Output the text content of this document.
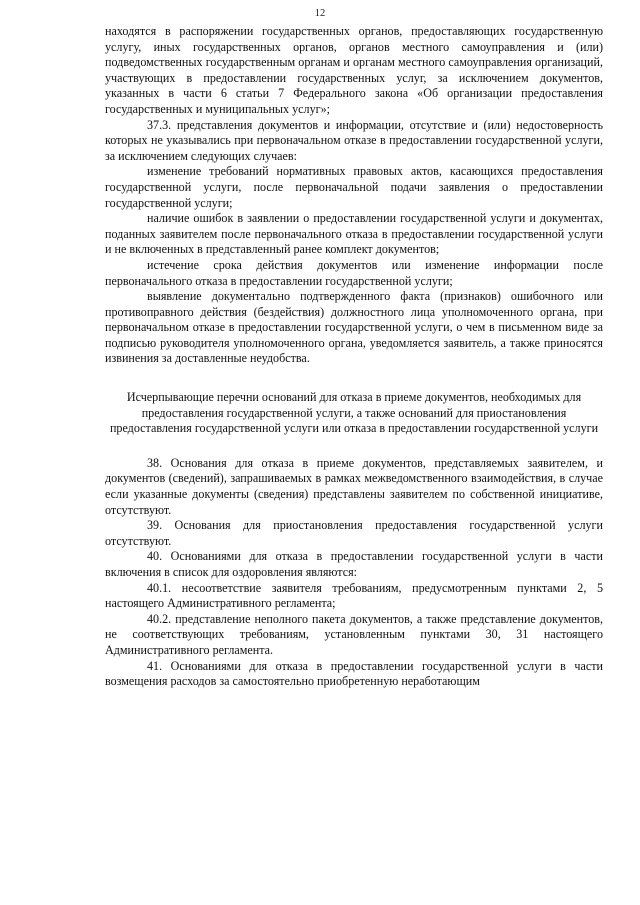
12

находятся в распоряжении государственных органов, предоставляющих государственную услугу, иных государственных органов, органов местного самоуправления и (или) подведомственных государственным органам и органам местного самоуправления организаций, участвующих в предоставлении государственных услуг, за исключением документов, указанных в части 6 статьи 7 Федерального закона «Об организации предоставления государственных и муниципальных услуг»;

37.3. представления документов и информации, отсутствие и (или) недостоверность которых не указывались при первоначальном отказе в предоставлении государственной услуги, за исключением следующих случаев:

изменение требований нормативных правовых актов, касающихся предоставления государственной услуги, после первоначальной подачи заявления о предоставлении государственной услуги;

наличие ошибок в заявлении о предоставлении государственной услуги и документах, поданных заявителем после первоначального отказа в предоставлении государственной услуги и не включенных в представленный ранее комплект документов;

истечение срока действия документов или изменение информации после первоначального отказа в предоставлении государственной услуги;

выявление документально подтвержденного факта (признаков) ошибочного или противоправного действия (бездействия) должностного лица уполномоченного органа, при первоначальном отказе в предоставлении государственной услуги, о чем в письменном виде за подписью руководителя уполномоченного органа, уведомляется заявитель, а также приносятся извинения за доставленные неудобства.

Исчерпывающие перечни оснований для отказа в приеме документов, необходимых для предоставления государственной услуги, а также оснований для приостановления предоставления государственной услуги или отказа в предоставлении государственной услуги

38. Основания для отказа в приеме документов, представляемых заявителем, и документов (сведений), запрашиваемых в рамках межведомственного взаимодействия, в случае если указанные документы (сведения) представлены заявителем по собственной инициативе, отсутствуют.

39. Основания для приостановления предоставления государственной услуги отсутствуют.

40. Основаниями для отказа в предоставлении государственной услуги в части включения в список для оздоровления являются:

40.1. несоответствие заявителя требованиям, предусмотренным пунктами 2, 5 настоящего Административного регламента;

40.2. представление неполного пакета документов, а также представление документов, не соответствующих требованиям, установленным пунктами 30, 31 настоящего Административного регламента.

41. Основаниями для отказа в предоставлении государственной услуги в части возмещения расходов за самостоятельно приобретенную неработающим
